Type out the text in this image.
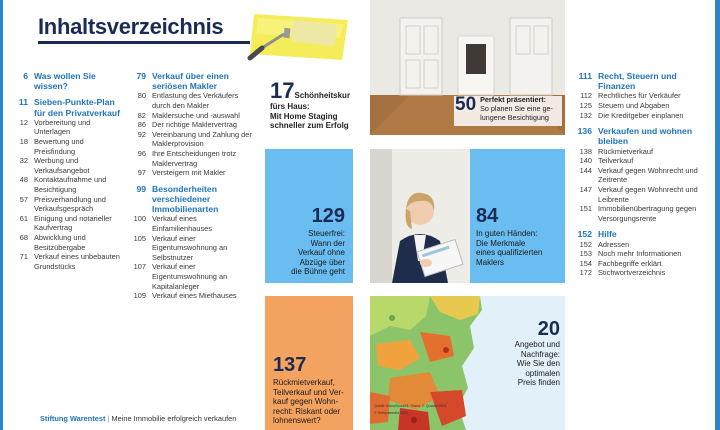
Inhaltsverzeichnis
6 Was wollen Sie wissen?
11 Sieben-Punkte-Plan für den Privatverkauf
12 Vorbereitung und Unterlagen
18 Bewertung und Preisfindung
32 Werbung und Verkaufsangebot
48 Kontaktaufnahme und Besichtigung
57 Preisverhandlung und Verkaufsgespräch
61 Einigung und notarieller Kaufvertrag
68 Abwicklung und Besitzübergabe
71 Verkauf eines unbebauten Grundstücks
79 Verkauf über einen seriösen Makler
80 Entlastung des Verkäufers durch den Makler
82 Maklersuche und -auswahl
86 Der richtige Maklervertrag
92 Vereinbarung und Zahlung der Maklerprovision
96 Ihre Entscheidungen trotz Maklervertrag
97 Versteigern mit Makler
99 Besonderheiten verschiedener Immobilienarten
100 Verkauf eines Einfamilienhauses
105 Verkauf einer Eigentumswohnung an Selbstnutzer
107 Verkauf einer Eigentumswohnung an Kapitalanleger
109 Verkauf eines Miethauses
17 Schönheitskur
fürs Haus:
Mit Home Staging
schneller zum Erfolg
50 Perfekt präsentiert:
So planen Sie eine ge-
lungene Besichtigung
129
Steuerfrei:
Wann der
Verkauf ohne
Abzüge über
die Bühne geht
84
In guten Händen:
Die Merkmale
eines qualifizierten
Maklers
137
Rückmietverkauf,
Teilverkauf und Ver-
kauf gegen Wohn-
recht: Riskant oder
lohnenswert?
20
Angebot und
Nachfrage:
Wie Sie den
optimalen
Preis finden
Quelle: ImmoScout24, Stand: 2. Quartal 2021
© Sherpamedia 2021
111 Recht, Steuern und Finanzen
112 Rechtliches für Verkäufer
125 Steuern und Abgaben
132 Die Kreditgeber einplanen
136 Verkaufen und wohnen bleiben
138 Rückmietverkauf
140 Teilverkauf
144 Verkauf gegen Wohnrecht und Zeitrente
147 Verkauf gegen Wohnrecht und Leibrente
151 Immobilienübertragung gegen Versorgungsrente
152 Hilfe
152 Adressen
153 Noch mehr Informationen
154 Fachbegriffe erklärt
172 Stichwortverzeichnis
Stiftung Warentest | Meine Immobilie erfolgreich verkaufen
